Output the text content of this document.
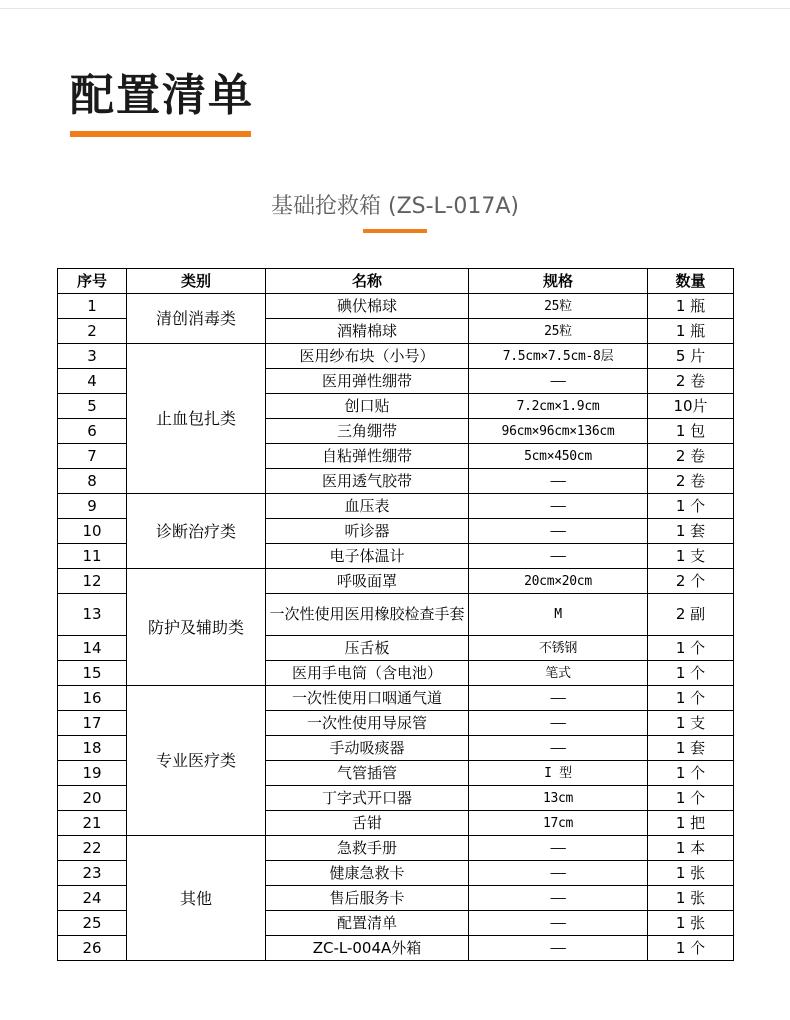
配置清单
基础抢救箱 (ZS-L-017A)
序号	类别	名称	规格	数量
1	清创消毒类	碘伏棉球	25粒	1 瓶
2		酒精棉球	25粒	1 瓶
3	止血包扎类	医用纱布块（小号）	7.5cm×7.5cm-8层	5 片
4		医用弹性绷带	——	2 卷
5		创口贴	7.2cm×1.9cm	10片
6		三角绷带	96cm×96cm×136cm	1 包
7		自粘弹性绷带	5cm×450cm	2 卷
8		医用透气胶带	——	2 卷
9	诊断治疗类	血压表	——	1 个
10		听诊器	——	1 套
11		电子体温计	——	1 支
12	防护及辅助类	呼吸面罩	20cm×20cm	2 个
13		一次性使用医用橡胶检查手套	M	2 副
14		压舌板	不锈钢	1 个
15		医用手电筒（含电池）	笔式	1 个
16	专业医疗类	一次性使用口咽通气道	——	1 个
17		一次性使用导尿管	——	1 支
18		手动吸痰器	——	1 套
19		气管插管	I 型	1 个
20		丁字式开口器	13cm	1 个
21		舌钳	17cm	1 把
22	其他	急救手册	——	1 本
23		健康急救卡	——	1 张
24		售后服务卡	——	1 张
25		配置清单	——	1 张
26		ZC-L-004A外箱	——	1 个
